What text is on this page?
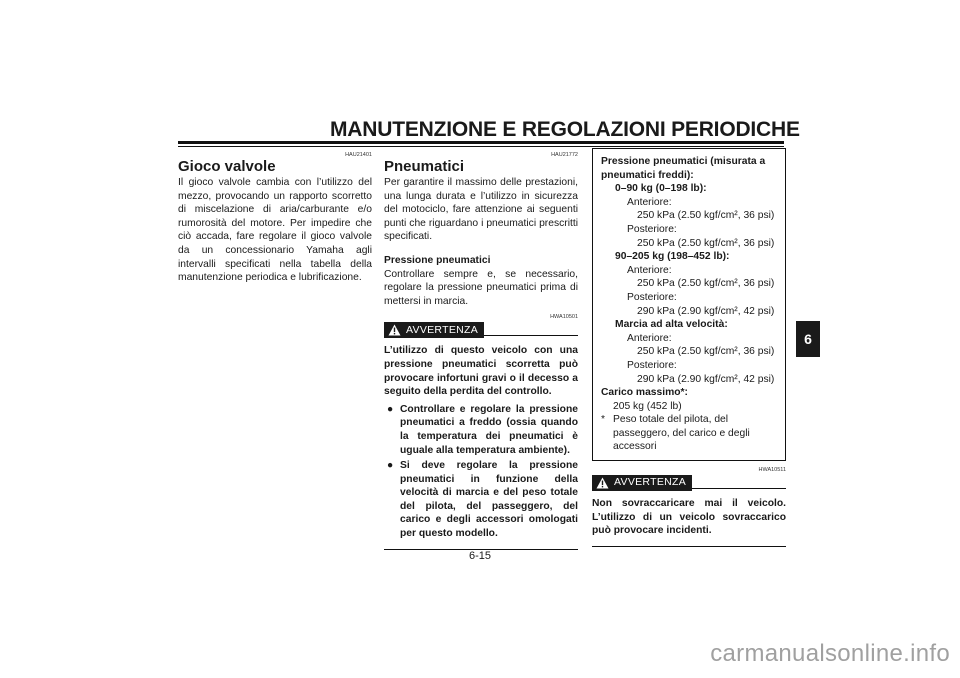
MANUTENZIONE E REGOLAZIONI PERIODICHE
HAU21401
Gioco valvole

Il gioco valvole cambia con l’utilizzo del mezzo, provocando un rapporto scorretto di miscelazione di aria/carburante e/o rumorosità del motore. Per impedire che ciò accada, fare regolare il gioco valvole da un concessionario Yamaha agli intervalli specificati nella tabella della manutenzione periodica e lubrificazione.

HAU21772
Pneumatici

Per garantire il massimo delle prestazioni, una lunga durata e l’utilizzo in sicurezza del motociclo, fare attenzione ai seguenti punti che riguardano i pneumatici prescritti specificati.

Pressione pneumatici

Controllare sempre e, se necessario, regolare la pressione pneumatici prima di mettersi in marcia.

HWA10501
AVVERTENZA
L’utilizzo di questo veicolo con una pressione pneumatici scorretta può provocare infortuni gravi o il decesso a seguito della perdita del controllo.
● Controllare e regolare la pressione pneumatici a freddo (ossia quando la temperatura dei pneumatici è uguale alla temperatura ambiente).
● Si deve regolare la pressione pneumatici in funzione della velocità di marcia e del peso totale del pilota, del passeggero, del carico e degli accessori omologati per questo modello.
Pressione pneumatici (misurata a pneumatici freddi):
0–90 kg (0–198 lb):
Anteriore:
250 kPa (2.50 kgf/cm², 36 psi)
Posteriore:
250 kPa (2.50 kgf/cm², 36 psi)
90–205 kg (198–452 lb):
Anteriore:
250 kPa (2.50 kgf/cm², 36 psi)
Posteriore:
290 kPa (2.90 kgf/cm², 42 psi)
Marcia ad alta velocità:
Anteriore:
250 kPa (2.50 kgf/cm², 36 psi)
Posteriore:
290 kPa (2.90 kgf/cm², 42 psi)
Carico massimo*:
205 kg (452 lb)
* Peso totale del pilota, del passeggero, del carico e degli accessori
HWA10511
AVVERTENZA
Non sovraccaricare mai il veicolo. L’utilizzo di un veicolo sovraccarico può provocare incidenti.
6
6-15
carmanualsonline.info
